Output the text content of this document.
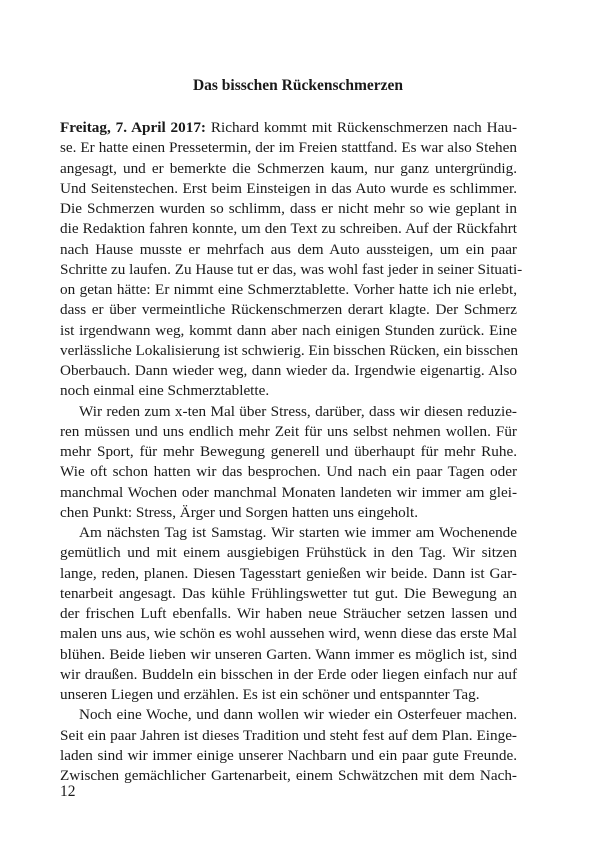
Das bisschen Rückenschmerzen
Freitag, 7. April 2017: Richard kommt mit Rückenschmerzen nach Hau-
se. Er hatte einen Pressetermin, der im Freien stattfand. Es war also Stehen
angesagt, und er bemerkte die Schmerzen kaum, nur ganz untergründig.
Und Seitenstechen. Erst beim Einsteigen in das Auto wurde es schlimmer.
Die Schmerzen wurden so schlimm, dass er nicht mehr so wie geplant in
die Redaktion fahren konnte, um den Text zu schreiben. Auf der Rückfahrt
nach Hause musste er mehrfach aus dem Auto aussteigen, um ein paar
Schritte zu laufen. Zu Hause tut er das, was wohl fast jeder in seiner Situati-
on getan hätte: Er nimmt eine Schmerztablette. Vorher hatte ich nie erlebt,
dass er über vermeintliche Rückenschmerzen derart klagte. Der Schmerz
ist irgendwann weg, kommt dann aber nach einigen Stunden zurück. Eine
verlässliche Lokalisierung ist schwierig. Ein bisschen Rücken, ein bisschen
Oberbauch. Dann wieder weg, dann wieder da. Irgendwie eigenartig. Also
noch einmal eine Schmerztablette.
Wir reden zum x-ten Mal über Stress, darüber, dass wir diesen reduzie-
ren müssen und uns endlich mehr Zeit für uns selbst nehmen wollen. Für
mehr Sport, für mehr Bewegung generell und überhaupt für mehr Ruhe.
Wie oft schon hatten wir das besprochen. Und nach ein paar Tagen oder
manchmal Wochen oder manchmal Monaten landeten wir immer am glei-
chen Punkt: Stress, Ärger und Sorgen hatten uns eingeholt.
Am nächsten Tag ist Samstag. Wir starten wie immer am Wochenende
gemütlich und mit einem ausgiebigen Frühstück in den Tag. Wir sitzen
lange, reden, planen. Diesen Tagesstart genießen wir beide. Dann ist Gar-
tenarbeit angesagt. Das kühle Frühlingswetter tut gut. Die Bewegung an
der frischen Luft ebenfalls. Wir haben neue Sträucher setzen lassen und
malen uns aus, wie schön es wohl aussehen wird, wenn diese das erste Mal
blühen. Beide lieben wir unseren Garten. Wann immer es möglich ist, sind
wir draußen. Buddeln ein bisschen in der Erde oder liegen einfach nur auf
unseren Liegen und erzählen. Es ist ein schöner und entspannter Tag.
Noch eine Woche, und dann wollen wir wieder ein Osterfeuer machen.
Seit ein paar Jahren ist dieses Tradition und steht fest auf dem Plan. Einge-
laden sind wir immer einige unserer Nachbarn und ein paar gute Freunde.
Zwischen gemächlicher Gartenarbeit, einem Schwätzchen mit dem Nach-
12
